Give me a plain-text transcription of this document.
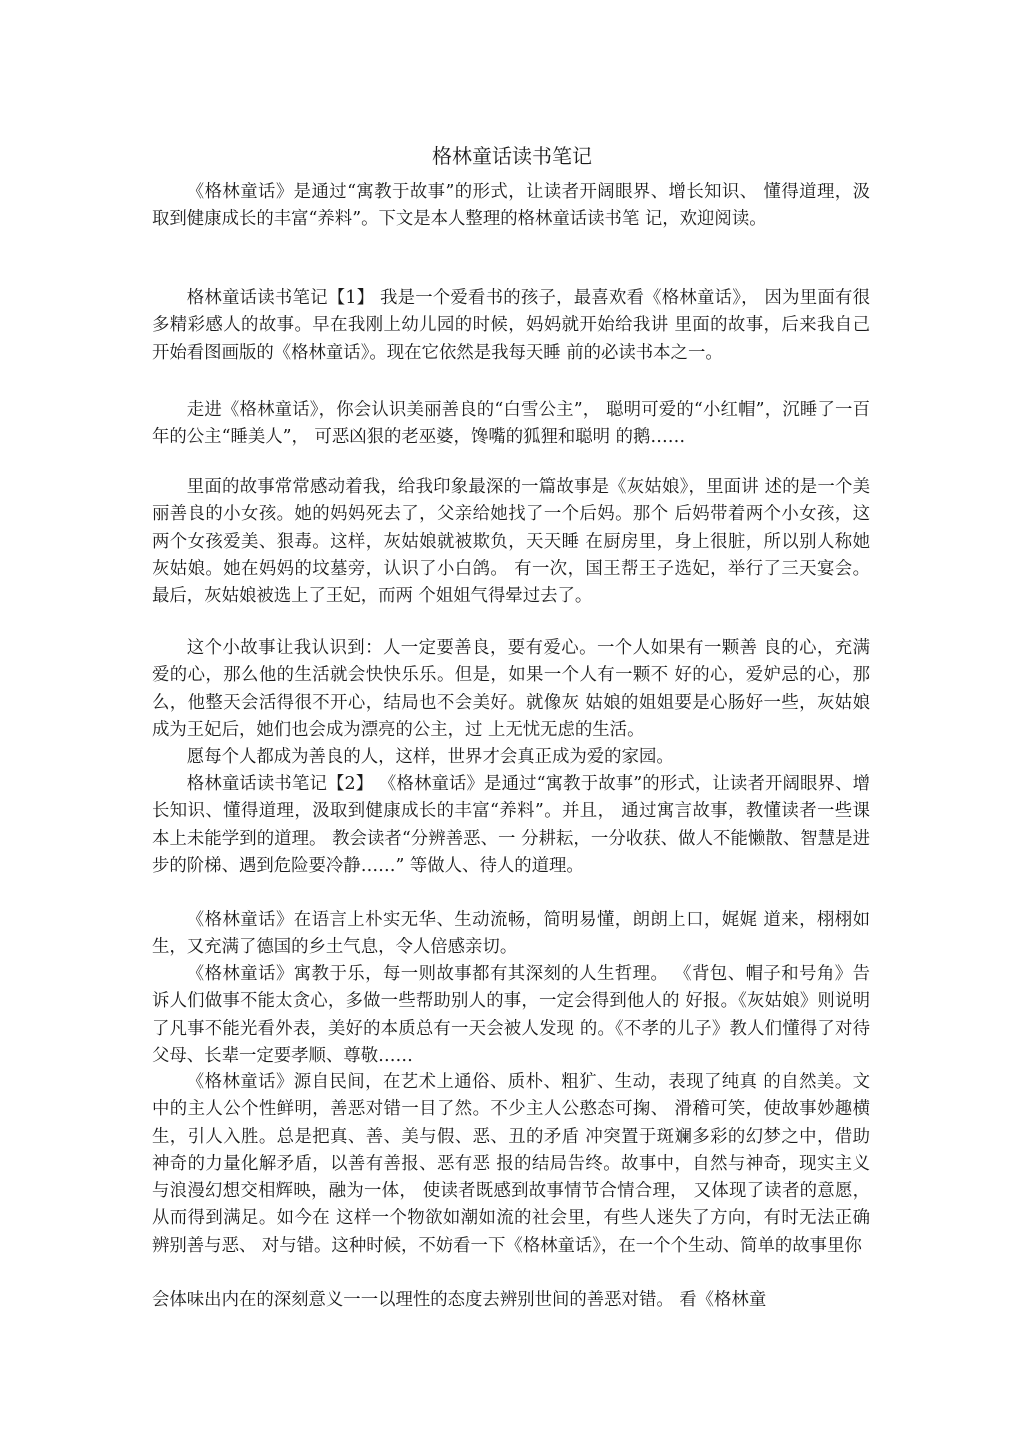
格林童话读书笔记

《格林童话》是通过“寓教于故事”的形式，让读者开阔眼界、增长知识、 懂得道理，汲取到健康成长的丰富“养料”。下文是本人整理的格林童话读书笔 记，欢迎阅读。

格林童话读书笔记【1】 我是一个爱看书的孩子，最喜欢看《格林童话》， 因为里面有很多精彩感人的故事。早在我刚上幼儿园的时候，妈妈就开始给我讲 里面的故事，后来我自己开始看图画版的《格林童话》。现在它依然是我每天睡 前的必读书本之一。

走进《格林童话》，你会认识美丽善良的“白雪公主”， 聪明可爱的“小红帽”，沉睡了一百年的公主“睡美人”， 可恶凶狠的老巫婆，馋嘴的狐狸和聪明 的鹅……

里面的故事常常感动着我，给我印象最深的一篇故事是《灰姑娘》，里面讲 述的是一个美丽善良的小女孩。她的妈妈死去了，父亲给她找了一个后妈。那个 后妈带着两个小女孩，这两个女孩爱美、狠毒。这样，灰姑娘就被欺负，天天睡 在厨房里，身上很脏，所以别人称她灰姑娘。她在妈妈的坟墓旁，认识了小白鸽。 有一次，国王帮王子选妃，举行了三天宴会。最后，灰姑娘被选上了王妃，而两 个姐姐气得晕过去了。

这个小故事让我认识到：人一定要善良，要有爱心。一个人如果有一颗善 良的心，充满爱的心，那么他的生活就会快快乐乐。但是，如果一个人有一颗不 好的心，爱妒忌的心，那么，他整天会活得很不开心，结局也不会美好。就像灰 姑娘的姐姐要是心肠好一些，灰姑娘成为王妃后，她们也会成为漂亮的公主，过 上无忧无虑的生活。

愿每个人都成为善良的人，这样，世界才会真正成为爱的家园。

格林童话读书笔记【2】 《格林童话》是通过“寓教于故事”的形式，让读者开阔眼界、增长知识、懂得道理，汲取到健康成长的丰富“养料”。并且， 通过寓言故事，教懂读者一些课本上未能学到的道理。 教会读者“分辨善恶、一 分耕耘，一分收获、做人不能懒散、智慧是进步的阶梯、遇到危险要冷静……” 等做人、待人的道理。

《格林童话》在语言上朴实无华、生动流畅，简明易懂，朗朗上口，娓娓 道来，栩栩如生，又充满了德国的乡土气息，令人倍感亲切。

《格林童话》寓教于乐，每一则故事都有其深刻的人生哲理。 《背包、帽子和号角》告诉人们做事不能太贪心，多做一些帮助别人的事，一定会得到他人的 好报。《灰姑娘》则说明了凡事不能光看外表，美好的本质总有一天会被人发现 的。《不孝的儿子》教人们懂得了对待父母、长辈一定要孝顺、尊敬……

《格林童话》源自民间，在艺术上通俗、质朴、粗犷、生动，表现了纯真 的自然美。文中的主人公个性鲜明，善恶对错一目了然。不少主人公憨态可掬、 滑稽可笑，使故事妙趣横生，引人入胜。总是把真、善、美与假、恶、丑的矛盾 冲突置于斑斓多彩的幻梦之中，借助神奇的力量化解矛盾，以善有善报、恶有恶 报的结局告终。故事中，自然与神奇，现实主义与浪漫幻想交相辉映，融为一体， 使读者既感到故事情节合情合理， 又体现了读者的意愿，从而得到满足。如今在 这样一个物欲如潮如流的社会里，有些人迷失了方向，有时无法正确辨别善与恶、 对与错。这种时候，不妨看一下《格林童话》，在一个个生动、简单的故事里你

会体味出内在的深刻意义一一以理性的态度去辨别世间的善恶对错。 看《格林童
